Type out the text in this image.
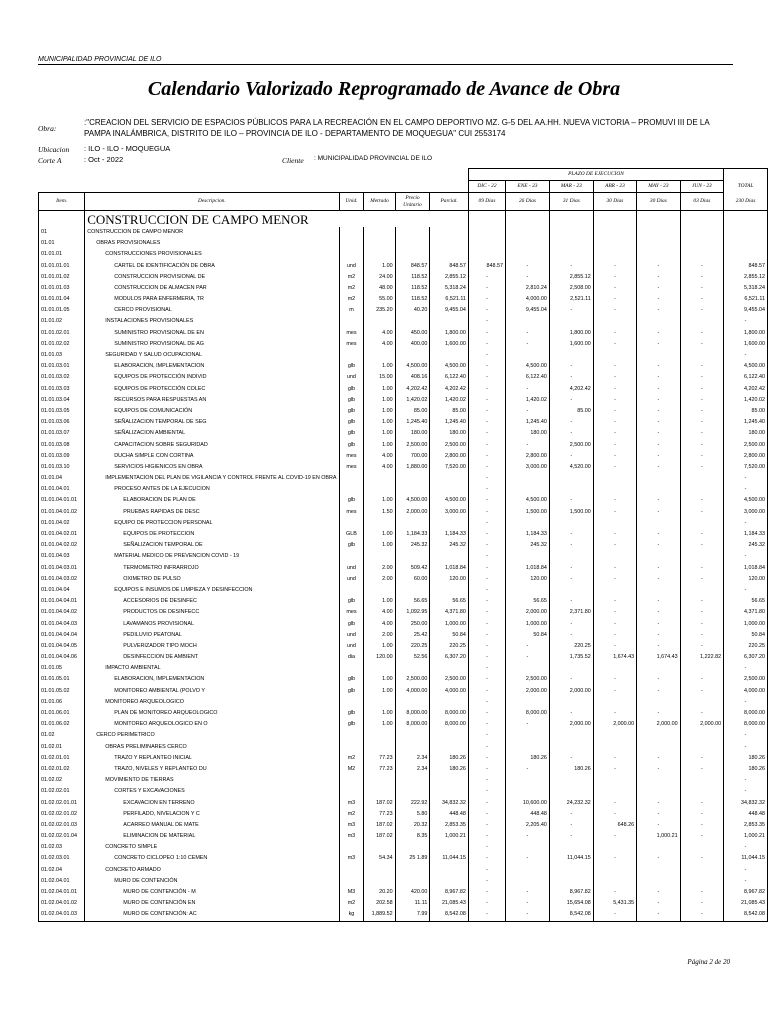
MUNICIPALIDAD PROVINCIAL DE ILO
Calendario Valorizado Reprogramado de Avance de Obra
Obra:
:"CREACION DEL SERVICIO DE ESPACIOS PÚBLICOS PARA LA RECREACIÓN EN EL CAMPO DEPORTIVO MZ. G-5 DEL AA.HH. NUEVA VICTORIA – PROMUVI III DE LA PAMPA INALÁMBRICA, DISTRITO DE ILO – PROVINCIA DE ILO - DEPARTAMENTO DE MOQUEGUA" CUI 2553174
Ubicacion : ILO - ILO - MOQUEGUA
Corte A	: Oct - 2022	Cliente : MUNICIPALIDAD PROVINCIAL DE ILO
						PLAZO DE EJECUCION						
						DIC - 22	ENE - 23	MAR - 23	ABR - 23	MAY - 23	JUN - 23	TOTAL
Item.	Descripcion.	Unid.	Metrado	Precio Unitario	Parcial.	09 Dias	26 Dias	31 Dias	30 Dias	30 Dias	03 Dias	230 Dias
	CONSTRUCCION DE CAMPO MENOR											
01	CONSTRUCCION DE CAMPO MENOR											
01.01	OBRAS PROVISIONALES											
01.01.01	CONSTRUCCIONES PROVISIONALES											
01.01.01.01	CARTEL DE IDENTIFICACIÓN DE OBRA	und	1.00	848.57	848.57	848.57	-	-	-	-	-	848.57
01.01.01.02	CONSTRUCCION PROVISIONAL DE	m2	24.00	118.52	2,855.12	-	-	2,855.12	-	-	-	2,855.12
01.01.01.03	CONSTRUCCION DE ALMACEN PAR	m2	48.00	118.52	5,318.24	-	2,810.24	2,508.00	-	-	-	5,318.24
01.01.01.04	MODULOS PARA ENFERMERIA, TR	m2	55.00	118.52	6,521.11	-	4,000.00	2,521.11	-	-	-	6,521.11
01.01.01.05	CERCO PROVISIONAL	m	235.20	40.20	9,455.04	-	9,455.04	-	-	-	-	9,455.04
01.01.02	INSTALACIONES PROVISIONALES					-						-
01.01.02.01	SUMINISTRO PROVISIONAL DE EN	mes	4.00	450.00	1,800.00	-	-	1,800.00	-	-	-	1,800.00
01.01.02.02	SUMINISTRO PROVISIONAL DE AG	mes	4.00	400.00	1,600.00	-	-	1,600.00	-	-	-	1,600.00
01.01.03	SEGURIDAD Y SALUD OCUPACIONAL					-						-
01.01.03.01	ELABORACION, IMPLEMENTACION	glb	1.00	4,500.00	4,500.00	-	4,500.00	-	-	-	-	4,500.00
01.01.03.02	EQUIPOS DE PROTECCIÓN INDIVID	und	15.00	408.16	6,122.40	-	6,122.40	-	-	-	-	6,122.40
01.01.03.03	EQUIPOS DE PROTECCIÓN COLEC	glb	1.00	4,202.42	4,202.42	-	-	4,202.42	-	-	-	4,202.42
01.01.03.04	RECURSOS PARA RESPUESTAS AN	glb	1.00	1,420.02	1,420.02	-	1,420.02	-	-	-	-	1,420.02
01.01.03.05	EQUIPOS DE COMUNICACIÓN	glb	1.00	85.00	85.00	-	-	85.00	-	-	-	85.00
01.01.03.06	SEÑALIZACION TEMPORAL DE SEG	glb	1.00	1,245.40	1,245.40	-	1,245.40	-	-	-	-	1,245.40
01.01.03.07	SEÑALIZACION AMBIENTAL	glb	1.00	180.00	180.00	-	180.00	-	-	-	-	180.00
01.01.03.08	CAPACITACION SOBRE SEGURIDAD	glb	1.00	2,500.00	2,500.00	-	-	2,500.00	-	-	-	2,500.00
01.01.03.09	DUCHA SIMPLE CON CORTINA	mes	4.00	700.00	2,800.00	-	2,800.00	-	-	-	-	2,800.00
01.01.03.10	SERVICIOS HIGIENICOS EN OBRA	mes	4.00	1,880.00	7,520.00	-	3,000.00	4,520.00	-	-	-	7,520.00
01.01.04	IMPLEMENTACION DEL PLAN DE VIGILANCIA Y CONTROL FRENTE AL COVID-19 EN OBRA					-						-
01.01.04.01	PROCESO ANTES DE LA EJECUCION					-						-
01.01.04.01.01	ELABORACION DE PLAN DE	glb	1.00	4,500.00	4,500.00	-	4,500.00	-	-	-	-	4,500.00
01.01.04.01.02	PRUEBAS RAPIDAS DE DESC	mes	1.50	2,000.00	3,000.00	-	1,500.00	1,500.00	-	-	-	3,000.00
01.01.04.02	EQUIPO DE PROTECCION PERSONAL					-						-
01.01.04.02.01	EQUIPOS DE PROTECCION	GLB	1.00	1,184.33	1,184.33	-	1,184.33	-	-	-	-	1,184.33
01.01.04.02.02	SEÑALIZACION TEMPORAL DE	glb	1.00	245.32	245.32	-	245.32	-	-	-	-	245.32
01.01.04.03	MATERIAL MEDICO DE PREVENCION COVID - 19					-						-
01.01.04.03.01	TERMOMETRO INFRARROJO	und	2.00	509.42	1,018.84	-	1,018.84	-	-	-	-	1,018.84
01.01.04.03.02	OXIMETRO DE PULSO	und	2.00	60.00	120.00	-	120.00	-	-	-	-	120.00
01.01.04.04	EQUIPOS E INSUMOS DE LIMPIEZA Y DESINFECCION					-						-
01.01.04.04.01	ACCESORIOS DE DESINFEC	glb	1.00	56.65	56.65	-	56.65	-	-	-	-	56.65
01.01.04.04.02	PRODUCTOS DE DESINFECC	mes	4.00	1,092.95	4,371.80	-	2,000.00	2,371.80	-	-	-	4,371.80
01.01.04.04.03	LAVAMANOS PROVISIONAL	glb	4.00	250.00	1,000.00	-	1,000.00	-	-	-	-	1,000.00
01.01.04.04.04	PEDILUVIO PEATONAL	und	2.00	25.42	50.84	-	50.84	-	-	-	-	50.84
01.01.04.04.05	PULVERIZADOR TIPO MOCH	und	1.00	220.25	220.25	-	-	220.25	-	-	-	220.25
01.01.04.04.06	DESINFECCION DE AMBIENT	dia	120.00	52.56	6,307.20	-	-	1,735.52	1,674.43	1,674.43	1,222.82	6,307.20
01.01.05	IMPACTO AMBIENTAL					-						-
01.01.05.01	ELABORACION, IMPLEMENTACION	glb	1.00	2,500.00	2,500.00	-	2,500.00	-	-	-	-	2,500.00
01.01.05.02	MONITOREO AMBIENTAL (POLVO Y	glb	1.00	4,000.00	4,000.00	-	2,000.00	2,000.00	-	-	-	4,000.00
01.01.06	MONITOREO ARQUEOLOGICO					-						-
01.01.06.01	PLAN DE MONITOREO ARQUEOLOGICO	glb	1.00	8,000.00	8,000.00	-	8,000.00	-	-	-	-	8,000.00
01.01.06.02	MONITOREO ARQUEOLOGICO EN O	glb	1.00	8,000.00	8,000.00	-	-	2,000.00	2,000.00	2,000.00	2,000.00	8,000.00
01.02	CERCO PERIMETRICO					-						-
01.02.01	OBRAS PRELIMINARES CERCO					-						-
01.02.01.01	TRAZO Y REPLANTEO INICIAL	m2	77.23	2.34	180.26	-	180.26	-	-	-	-	180.26
01.02.01.02	TRAZO, NIVELES Y REPLANTEO DU	M2	77.23	2.34	180.26	-	-	180.26	-	-	-	180.26
01.02.02	MOVIMIENTO DE TIERRAS					-						-
01.02.02.01	CORTES Y EXCAVACIONES					-						-
01.02.02.01.01	EXCAVACION EN TERRENO	m3	187.02	222.92	34,832.32	-	10,600.00	24,232.32	-	-	-	34,832.32
01.02.02.01.02	PERFILADO, NIVELACION Y C	m2	77.23	5.80	448.48	-	448.48	-	-	-	-	448.48
01.02.02.01.03	ACARREO MANUAL DE MATE	m3	187.02	20.32	2,853.35	-	2,205.40	-	648.26	-	-	2,853.35
01.02.02.01.04	ELIMINACION DE MATERIAL	m3	187.02	8.35	1,000.21	-	-	-	-	1,000.21	-	1,000.21
01.02.03	CONCRETO SIMPLE					-						-
01.02.03.01	CONCRETO CICLOPEO 1:10 CEMEN	m3	54.34	25 1.89	11,044.15	-	-	11,044.15	-	-	-	11,044.15
01.02.04	CONCRETO ARMADO					-						-
01.02.04.01	MURO DE CONTENCIÓN					-						-
01.02.04.01.01	MURO DE CONTENCIÓN - M	M3	20.20	420.00	8,967.82	-	-	8,967.82	-	-	-	8,967.82
01.02.04.01.02	MURO DE CONTENCIÓN EN	m2	202.58	11.11	21,085.43	-	-	15,654.08	5,431.35	-	-	21,085.43
01.02.04.01.03	MURO DE CONTENCIÓN: AC	kg	1,889.52	7.99	8,542.08	-	-	8,542.08	-	-	-	8,542.08
Página 2 de 20
